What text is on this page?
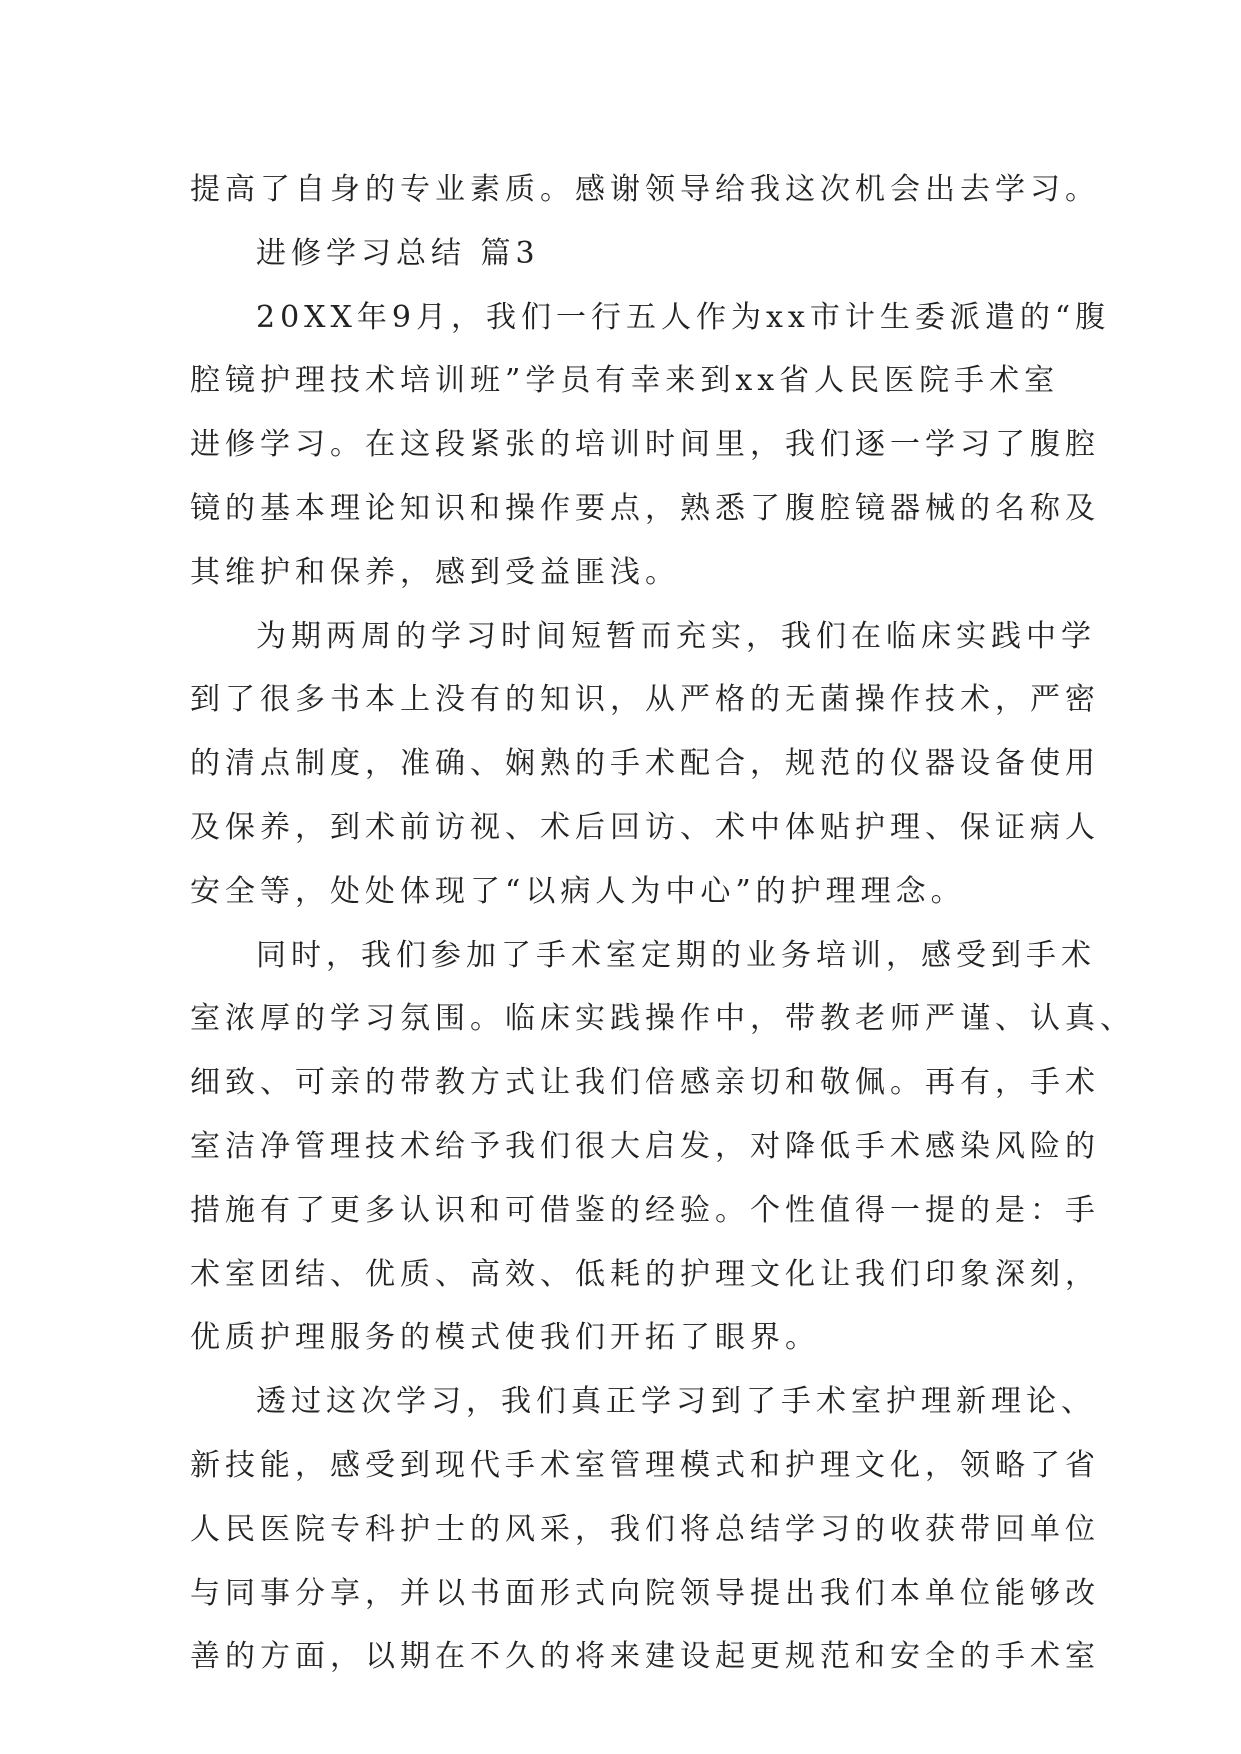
提高了自身的专业素质。感谢领导给我这次机会出去学习。
进修学习总结 篇3
20XX年9月，我们一行五人作为xx市计生委派遣的“腹
腔镜护理技术培训班”学员有幸来到xx省人民医院手术室
进修学习。在这段紧张的培训时间里，我们逐一学习了腹腔
镜的基本理论知识和操作要点，熟悉了腹腔镜器械的名称及
其维护和保养，感到受益匪浅。
为期两周的学习时间短暂而充实，我们在临床实践中学
到了很多书本上没有的知识，从严格的无菌操作技术，严密
的清点制度，准确、娴熟的手术配合，规范的仪器设备使用
及保养，到术前访视、术后回访、术中体贴护理、保证病人
安全等，处处体现了“以病人为中心”的护理理念。
同时，我们参加了手术室定期的业务培训，感受到手术
室浓厚的学习氛围。临床实践操作中，带教老师严谨、认真、
细致、可亲的带教方式让我们倍感亲切和敬佩。再有，手术
室洁净管理技术给予我们很大启发，对降低手术感染风险的
措施有了更多认识和可借鉴的经验。个性值得一提的是：手
术室团结、优质、高效、低耗的护理文化让我们印象深刻，
优质护理服务的模式使我们开拓了眼界。
透过这次学习，我们真正学习到了手术室护理新理论、
新技能，感受到现代手术室管理模式和护理文化，领略了省
人民医院专科护士的风采，我们将总结学习的收获带回单位
与同事分享，并以书面形式向院领导提出我们本单位能够改
善的方面，以期在不久的将来建设起更规范和安全的手术室
